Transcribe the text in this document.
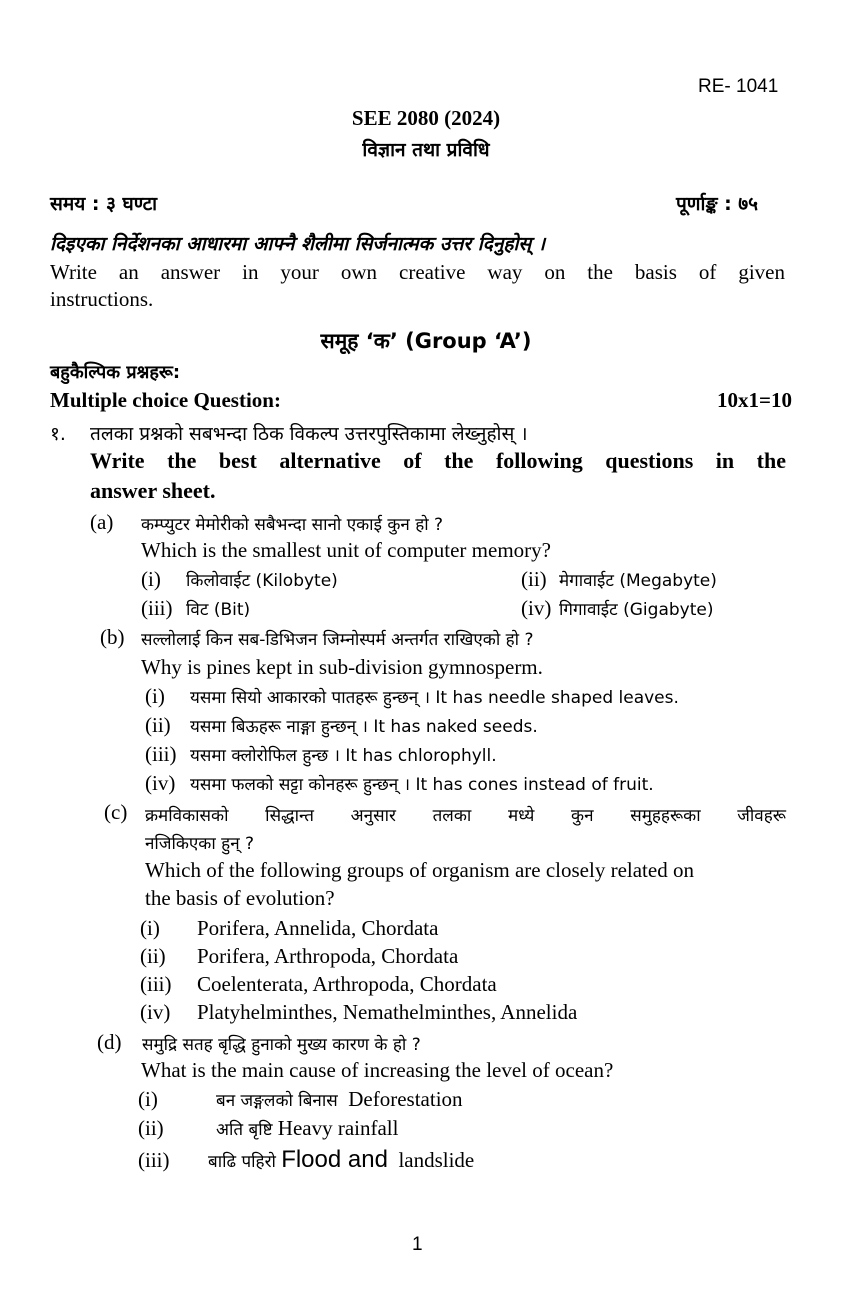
RE- 1041
SEE 2080 (2024)
विज्ञान तथा प्रविधि
समय : ३ घण्टा	पूर्णाङ्क : ७५
दिइएका निर्देशनका आधारमा आफ्नै शैलीमा सिर्जनात्मक उत्तर दिनुहोस् ।
Write an answer in your own creative way on the basis of given
instructions.
समूह ‘क’ (Group ‘A’)
बहुकैल्पिक प्रश्नहरू:
Multiple choice Question:	10x1=10
१. तलका प्रश्नको सबभन्दा ठिक विकल्प उत्तरपुस्तिकामा लेख्नुहोस् ।
Write the best alternative of the following questions in the
answer sheet.
(a) कम्प्युटर मेमोरीको सबैभन्दा सानो एकाई कुन हो ?
Which is the smallest unit of computer memory?
(i) किलोवाईट (Kilobyte)	(ii) मेगावाईट (Megabyte)
(iii) विट (Bit)	(iv) गिगावाईट (Gigabyte)
(b) सल्लोलाई किन सब-डिभिजन जिम्नोस्पर्म अन्तर्गत राखिएको हो ?
Why is pines kept in sub-division gymnosperm.
(i) यसमा सियो आकारको पातहरू हुन्छन् । It has needle shaped leaves.
(ii) यसमा बिऊहरू नाङ्गा हुन्छन् । It has naked seeds.
(iii) यसमा क्लोरोफिल हुन्छ । It has chlorophyll.
(iv) यसमा फलको सट्टा कोनहरू हुन्छन् । It has cones instead of fruit.
(c) क्रमविकासको सिद्धान्त अनुसार तलका मध्ये कुन समुहहरूका जीवहरू
नजिकिएका हुन् ?
Which of the following groups of organism are closely related on
the basis of evolution?
(i) Porifera, Annelida, Chordata
(ii) Porifera, Arthropoda, Chordata
(iii) Coelenterata, Arthropoda, Chordata
(iv) Platyhelminthes, Nemathelminthes, Annelida
(d) समुद्रि सतह बृद्धि हुनाको मुख्य कारण के हो ?
What is the main cause of increasing the level of ocean?
(i)	बन जङ्गलको बिनास Deforestation
(ii)	अति बृष्टि Heavy rainfall
(iii) बाढि पहिरो Flood and landslide
1
